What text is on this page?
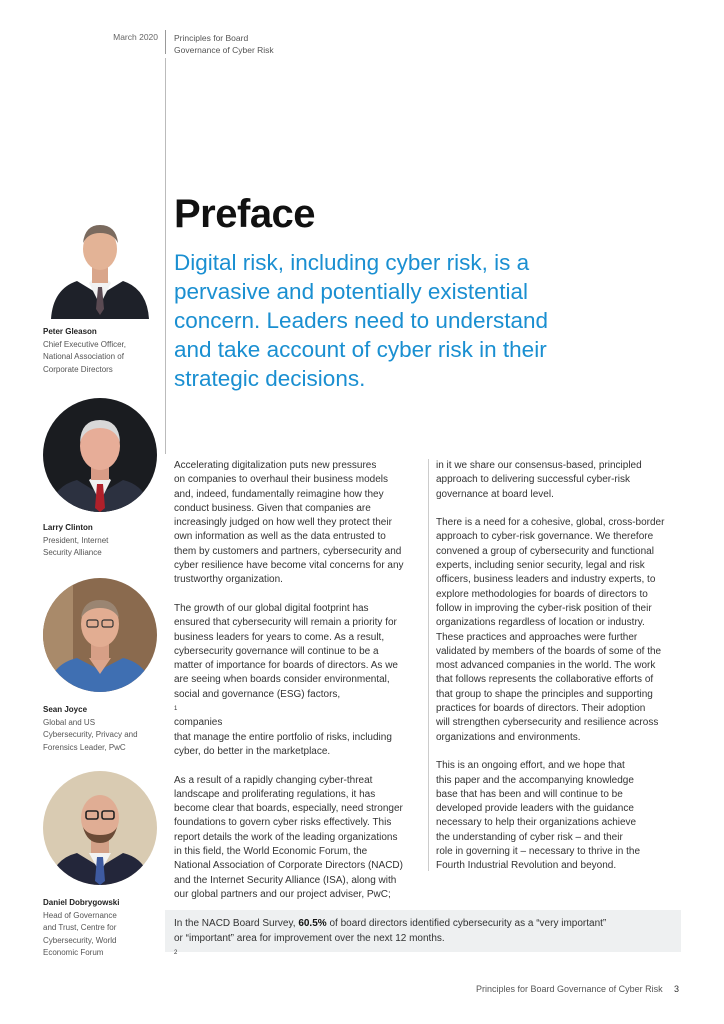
March 2020 Principles for Board
Governance of Cyber Risk
Preface
Digital risk, including cyber risk, is a
pervasive and potentially existential
concern. Leaders need to understand
and take account of cyber risk in their
strategic decisions.
Peter Gleason
Chief Executive Officer,
National Association of
Corporate Directors
Larry Clinton
President, Internet
Security Alliance
Sean Joyce
Global and US
Cybersecurity, Privacy and
Forensics Leader, PwC
Daniel Dobrygowski
Head of Governance
and Trust, Centre for
Cybersecurity, World
Economic Forum
Accelerating digitalization puts new pressures
on companies to overhaul their business models
and, indeed, fundamentally reimagine how they
conduct business. Given that companies are
increasingly judged on how well they protect their
own information as well as the data entrusted to
them by customers and partners, cybersecurity and
cyber resilience have become vital concerns for any
trustworthy organization.
The growth of our global digital footprint has
ensured that cybersecurity will remain a priority for
business leaders for years to come. As a result,
cybersecurity governance will continue to be a
matter of importance for boards of directors. As we
are seeing when boards consider environmental,
social and governance (ESG) factors,
1
companies
that manage the entire portfolio of risks, including
cyber, do better in the marketplace.
As a result of a rapidly changing cyber-threat
landscape and proliferating regulations, it has
become clear that boards, especially, need stronger
foundations to govern cyber risks effectively. This
report details the work of the leading organizations
in this field, the World Economic Forum, the
National Association of Corporate Directors (NACD)
and the Internet Security Alliance (ISA), along with
our global partners and our project adviser, PwC;
in it we share our consensus-based, principled
approach to delivering successful cyber-risk
governance at board level.
There is a need for a cohesive, global, cross-border
approach to cyber-risk governance. We therefore
convened a group of cybersecurity and functional
experts, including senior security, legal and risk
officers, business leaders and industry experts, to
explore methodologies for boards of directors to
follow in improving the cyber-risk position of their
organizations regardless of location or industry.
These practices and approaches were further
validated by members of the boards of some of the
most advanced companies in the world. The work
that follows represents the collaborative efforts of
that group to shape the principles and supporting
practices for boards of directors. Their adoption
will strengthen cybersecurity and resilience across
organizations and environments.
This is an ongoing effort, and we hope that
this paper and the accompanying knowledge
base that has been and will continue to be
developed provide leaders with the guidance
necessary to help their organizations achieve
the understanding of cyber risk – and their
role in governing it – necessary to thrive in the
Fourth Industrial Revolution and beyond.
In the NACD Board Survey, 60.5% of board directors identified cybersecurity as a “very important”
or “important” area for improvement over the next 12 months.
2
Principles for Board Governance of Cyber Risk 3
